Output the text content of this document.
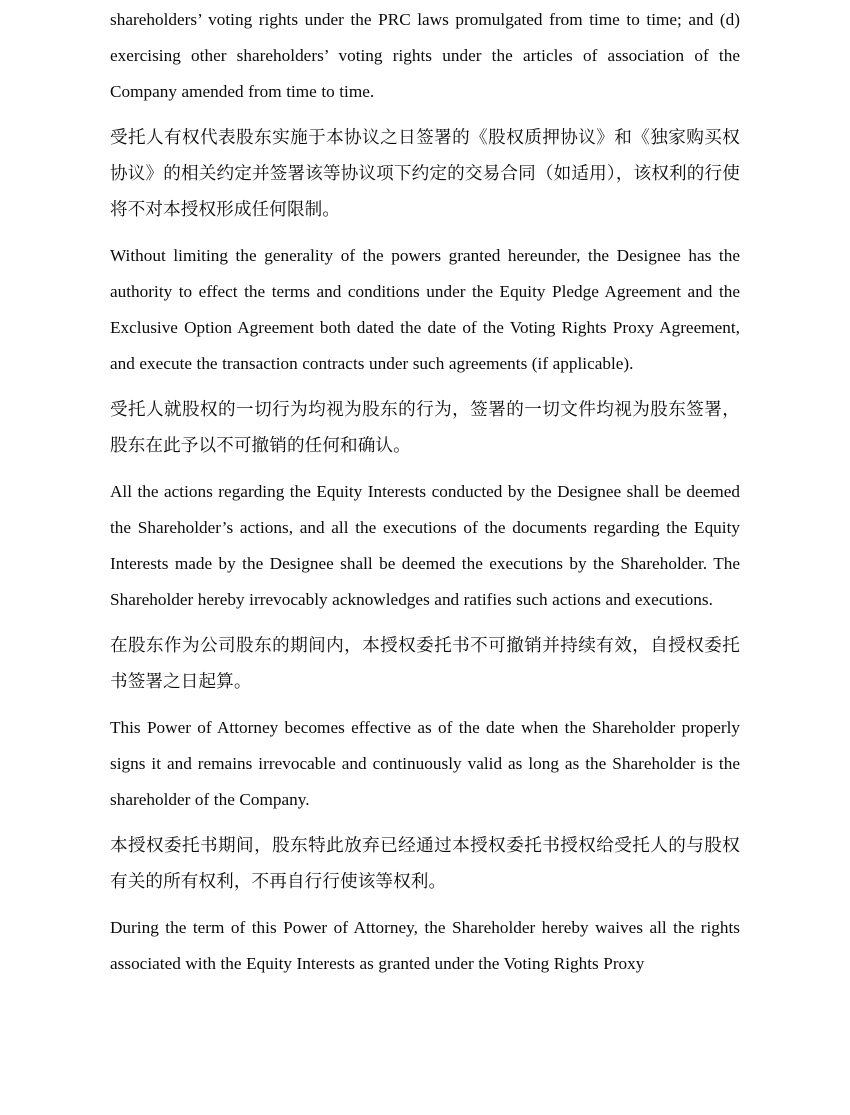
shareholders’ voting rights under the PRC laws promulgated from time to time; and (d) exercising other shareholders’ voting rights under the articles of association of the Company amended from time to time.

受托人有权代表股东实施于本协议之日签署的《股权质押协议》和《独家购买权协议》的相关约定并签署该等协议项下约定的交易合同（如适用），该权利的行使将不对本授权形成任何限制。

Without limiting the generality of the powers granted hereunder, the Designee has the authority to effect the terms and conditions under the Equity Pledge Agreement and the Exclusive Option Agreement both dated the date of the Voting Rights Proxy Agreement, and execute the transaction contracts under such agreements (if applicable).

受托人就股权的一切行为均视为股东的行为，签署的一切文件均视为股东签署，股东在此予以不可撤销的任何和确认。

All the actions regarding the Equity Interests conducted by the Designee shall be deemed the Shareholder’s actions, and all the executions of the documents regarding the Equity Interests made by the Designee shall be deemed the executions by the Shareholder. The Shareholder hereby irrevocably acknowledges and ratifies such actions and executions.

在股东作为公司股东的期间内，本授权委托书不可撤销并持续有效，自授权委托书签署之日起算。

This Power of Attorney becomes effective as of the date when the Shareholder properly signs it and remains irrevocable and continuously valid as long as the Shareholder is the shareholder of the Company.

本授权委托书期间，股东特此放弃已经通过本授权委托书授权给受托人的与股权有关的所有权利，不再自行行使该等权利。

During the term of this Power of Attorney, the Shareholder hereby waives all the rights associated with the Equity Interests as granted under the Voting Rights Proxy
